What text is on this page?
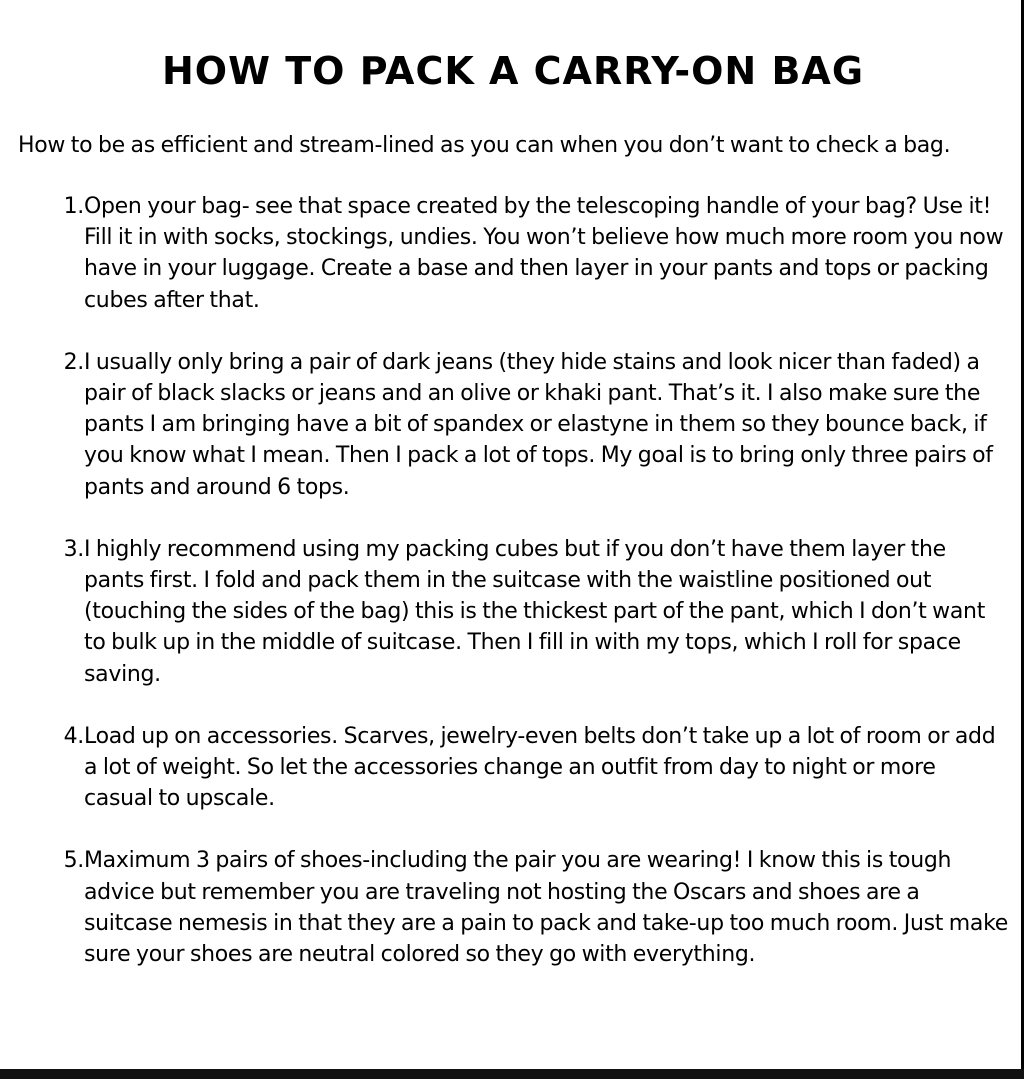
HOW TO PACK A CARRY-ON BAG

How to be as efficient and stream-lined as you can when you don’t want to check a bag.

1. Open your bag- see that space created by the telescoping handle of your bag? Use it! Fill it in with socks, stockings, undies. You won’t believe how much more room you now have in your luggage. Create a base and then layer in your pants and tops or packing cubes after that.
2. I usually only bring a pair of dark jeans (they hide stains and look nicer than faded) a pair of black slacks or jeans and an olive or khaki pant. That’s it. I also make sure the pants I am bringing have a bit of spandex or elastyne in them so they bounce back, if you know what I mean. Then I pack a lot of tops. My goal is to bring only three pairs of pants and around 6 tops.
3. I highly recommend using my packing cubes but if you don’t have them layer the pants first. I fold and pack them in the suitcase with the waistline positioned out (touching the sides of the bag) this is the thickest part of the pant, which I don’t want to bulk up in the middle of suitcase. Then I fill in with my tops, which I roll for space saving.
4. Load up on accessories. Scarves, jewelry-even belts don’t take up a lot of room or add a lot of weight. So let the accessories change an outfit from day to night or more casual to upscale.
5. Maximum 3 pairs of shoes-including the pair you are wearing! I know this is tough advice but remember you are traveling not hosting the Oscars and shoes are a suitcase nemesis in that they are a pain to pack and take-up too much room. Just make sure your shoes are neutral colored so they go with everything.
